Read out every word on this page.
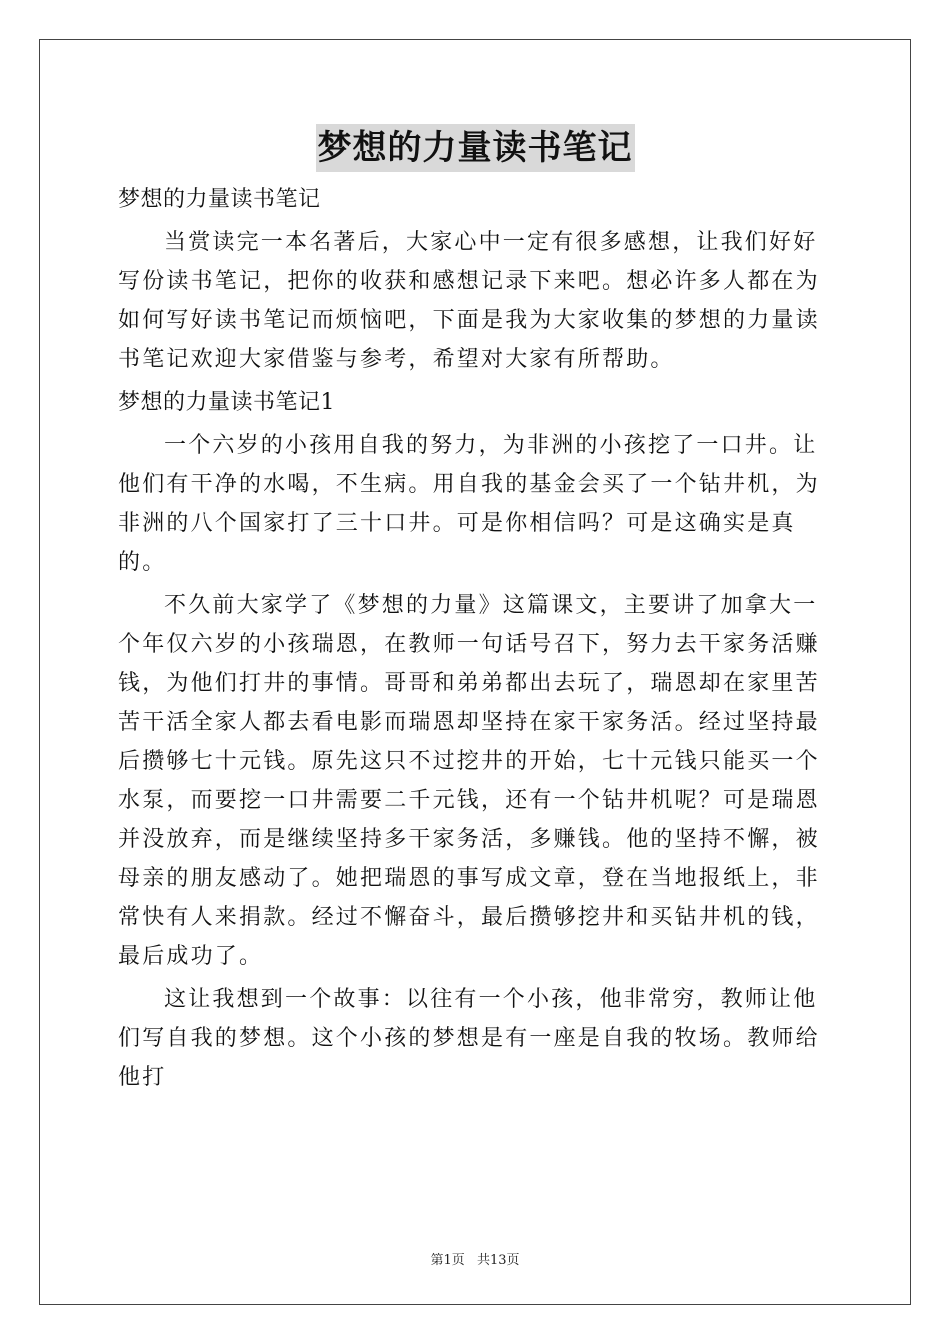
梦想的力量读书笔记

梦想的力量读书笔记

当赏读完一本名著后，大家心中一定有很多感想，让我们好好写份读书笔记，把你的收获和感想记录下来吧。想必许多人都在为如何写好读书笔记而烦恼吧，下面是我为大家收集的梦想的力量读书笔记欢迎大家借鉴与参考，希望对大家有所帮助。

梦想的力量读书笔记1

一个六岁的小孩用自我的努力，为非洲的小孩挖了一口井。让他们有干净的水喝，不生病。用自我的基金会买了一个钻井机，为非洲的八个国家打了三十口井。可是你相信吗？可是这确实是真的。

不久前大家学了《梦想的力量》这篇课文，主要讲了加拿大一个年仅六岁的小孩瑞恩，在教师一句话号召下，努力去干家务活赚钱，为他们打井的事情。哥哥和弟弟都出去玩了，瑞恩却在家里苦苦干活全家人都去看电影而瑞恩却坚持在家干家务活。经过坚持最后攒够七十元钱。原先这只不过挖井的开始，七十元钱只能买一个水泵，而要挖一口井需要二千元钱，还有一个钻井机呢？可是瑞恩并没放弃，而是继续坚持多干家务活，多赚钱。他的坚持不懈，被母亲的朋友感动了。她把瑞恩的事写成文章，登在当地报纸上，非常快有人来捐款。经过不懈奋斗，最后攒够挖井和买钻井机的钱，最后成功了。

这让我想到一个故事：以往有一个小孩，他非常穷，教师让他们写自我的梦想。这个小孩的梦想是有一座是自我的牧场。教师给他打

第1页 共13页
